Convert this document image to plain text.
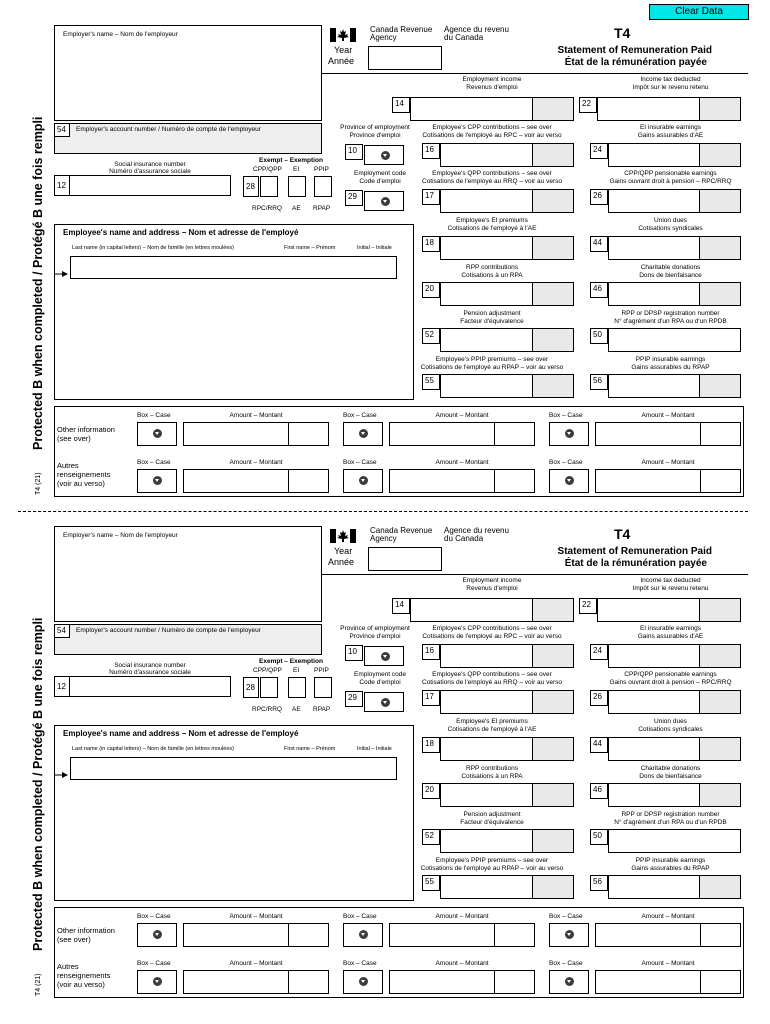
Clear Data
Protected B when completed / Protégé B une fois rempli
T4 (21)
Employer's name – Nom de l'employeur
Canada Revenue Agency
Agence du revenu du Canada
Year
Année
T4
Statement of Remuneration Paid
État de la rémunération payée
54	Employer's account number / Numéro de compte de l'employeur
Social insurance number
Numéro d'assurance sociale
12
Exempt – Exemption
CPP/QPP EI PPIP
28
RPC/RRQ AE RPAP
Province of employment
Province d'emploi
10
Employment code
Code d'emploi
29
Employee's name and address – Nom et adresse de l'employé
Last name (in capital letters) – Nom de famille (en lettres moulées)	First name – Prénom	Initial – Initiale
Employment income
Revenus d'emploi
14
Income tax deducted
Impôt sur le revenu retenu
22
Employee's CPP contributions – see over
Cotisations de l'employé au RPC – voir au verso
16
EI insurable earnings
Gains assurables d'AE
24
Employee's QPP contributions – see over
Cotisations de l'employé au RRQ – voir au verso
17
CPP/QPP pensionable earnings
Gains ouvrant droit à pension – RPC/RRQ
26
Employee's EI premiums
Cotisations de l'employé à l'AE
18
Union dues
Cotisations syndicales
44
RPP contributions
Cotisations à un RPA
20
Charitable donations
Dons de bienfaisance
46
Pension adjustment
Facteur d'équivalence
52
RPP or DPSP registration number
N° d'agrément d'un RPA ou d'un RPDB
50
Employee's PPIP premiums – see over
Cotisations de l'employé au RPAP – voir au verso
55
PPIP insurable earnings
Gains assurables du RPAP
56
Other information
(see over)
Autres
renseignements
(voir au verso)
Box – Case	Amount – Montant	Box – Case	Amount – Montant	Box – Case	Amount – Montant
Box – Case	Amount – Montant	Box – Case	Amount – Montant	Box – Case	Amount – Montant
Protected B when completed / Protégé B une fois rempli
T4 (21)
Employer's name – Nom de l'employeur
Canada Revenue Agency
Agence du revenu du Canada
Year
Année
T4
Statement of Remuneration Paid
État de la rémunération payée
54	Employer's account number / Numéro de compte de l'employeur
Social insurance number
Numéro d'assurance sociale
12
Exempt – Exemption
CPP/QPP EI PPIP
28
RPC/RRQ AE RPAP
Province of employment
Province d'emploi
10
Employment code
Code d'emploi
29
Employee's name and address – Nom et adresse de l'employé
Last name (in capital letters) – Nom de famille (en lettres moulées)	First name – Prénom	Initial – Initiale
Employment income
Revenus d'emploi
14
Income tax deducted
Impôt sur le revenu retenu
22
Employee's CPP contributions – see over
Cotisations de l'employé au RPC – voir au verso
16
EI insurable earnings
Gains assurables d'AE
24
Employee's QPP contributions – see over
Cotisations de l'employé au RRQ – voir au verso
17
CPP/QPP pensionable earnings
Gains ouvrant droit à pension – RPC/RRQ
26
Employee's EI premiums
Cotisations de l'employé à l'AE
18
Union dues
Cotisations syndicales
44
RPP contributions
Cotisations à un RPA
20
Charitable donations
Dons de bienfaisance
46
Pension adjustment
Facteur d'équivalence
52
RPP or DPSP registration number
N° d'agrément d'un RPA ou d'un RPDB
50
Employee's PPIP premiums – see over
Cotisations de l'employé au RPAP – voir au verso
55
PPIP insurable earnings
Gains assurables du RPAP
56
Other information
(see over)
Autres
renseignements
(voir au verso)
Box – Case	Amount – Montant	Box – Case	Amount – Montant	Box – Case	Amount – Montant
Box – Case	Amount – Montant	Box – Case	Amount – Montant	Box – Case	Amount – Montant
